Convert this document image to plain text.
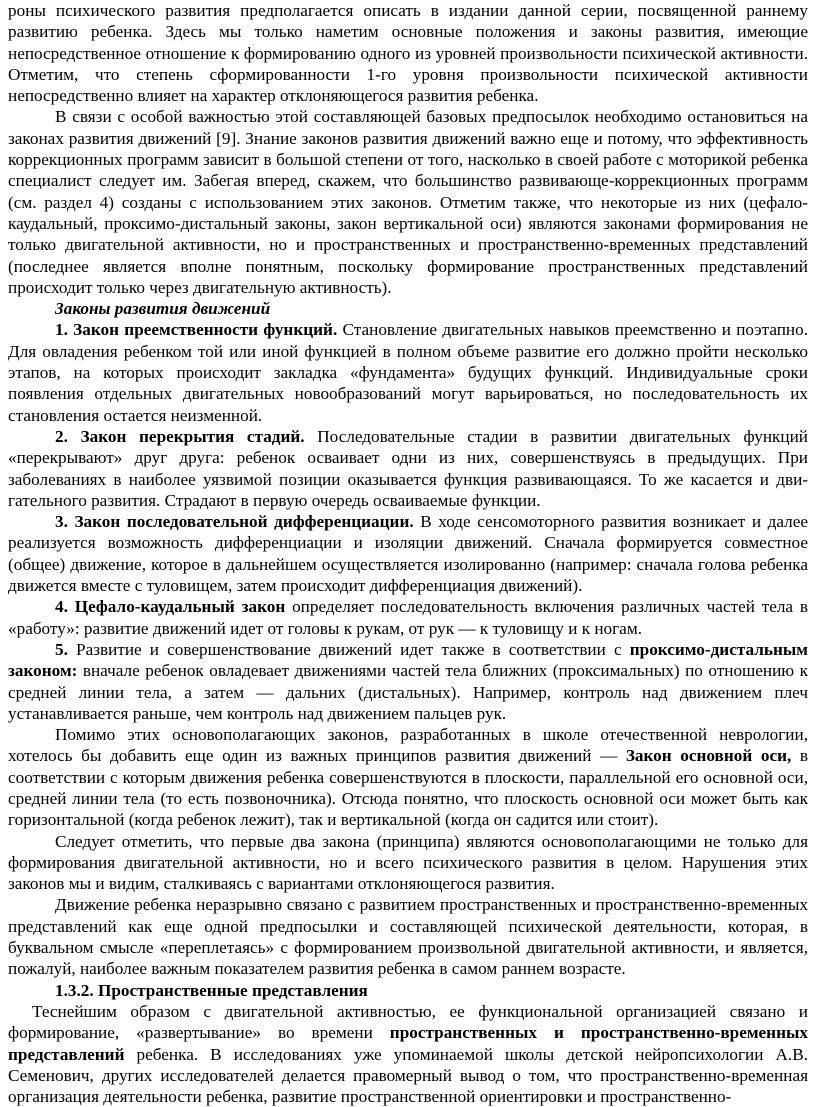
роны психического развития предполагается описать в издании данной серии, посвященной раннему развитию ребенка. Здесь мы только наметим основные положения и законы развития, имеющие непосредственное отношение к формированию одного из уровней произвольности психической активности. Отметим, что степень сформированности 1-го уровня произвольности психической активности непосредственно влияет на характер отклоняющегося развития ребенка.

В связи с особой важностью этой составляющей базовых предпосылок необходимо остановиться на законах развития движений [9]. Знание законов развития движений важно еще и потому, что эффективность коррекционных программ зависит в большой степени от того, насколько в своей работе с моторикой ребенка специалист следует им. Забегая вперед, скажем, что большинство развивающе-коррекционных программ (см. раздел 4) созданы с использованием этих законов. Отметим также, что некоторые из них (цефало-каудальный, проксимо-дистальный законы, закон вертикальной оси) являются законами формирования не только двигательной активности, но и пространственных и пространственно-временных представлений (последнее является вполне понятным, поскольку формирование пространственных представлений происходит только через двигательную активность).

Законы развития движений

1. Закон преемственности функций. Становление двигательных навыков преемственно и поэтапно. Для овладения ребенком той или иной функцией в полном объеме развитие его должно пройти несколько этапов, на которых происходит закладка «фундамента» будущих функций. Индивидуальные сроки появления отдельных двигательных новообразований могут варьироваться, но последовательность их становления остается неизменной.

2. Закон перекрытия стадий. Последовательные стадии в развитии двигательных функций «перекрывают» друг друга: ребенок осваивает одни из них, совершенствуясь в предыдущих. При заболеваниях в наиболее уязвимой позиции оказывается функция развивающаяся. То же касается и дви-гательного развития. Страдают в первую очередь осваиваемые функции.

3. Закон последовательной дифференциации. В ходе сенсомоторного развития возникает и далее реализуется возможность дифференциации и изоляции движений. Сначала формируется совместное (общее) движение, которое в дальнейшем осуществляется изолированно (например: сначала голова ребенка движется вместе с туловищем, затем происходит дифференциация движений).

4. Цефало-каудальный закон определяет последовательность включения различных частей тела в «работу»: развитие движений идет от головы к рукам, от рук — к туловищу и к ногам.

5. Развитие и совершенствование движений идет также в соответствии с проксимо-дистальным законом: вначале ребенок овладевает движениями частей тела ближних (проксимальных) по отношению к средней линии тела, а затем — дальних (дистальных). Например, контроль над движением плеч устанавливается раньше, чем контроль над движением пальцев рук.

Помимо этих основополагающих законов, разработанных в школе отечественной неврологии, хотелось бы добавить еще один из важных принципов развития движений — Закон основной оси, в соответствии с которым движения ребенка совершенствуются в плоскости, параллельной его основной оси, средней линии тела (то есть позвоночника). Отсюда понятно, что плоскость основной оси может быть как горизонтальной (когда ребенок лежит), так и вертикальной (когда он садится или стоит).

Следует отметить, что первые два закона (принципа) являются основополагающими не только для формирования двигательной активности, но и всего психического развития в целом. Нарушения этих законов мы и видим, сталкиваясь с вариантами отклоняющегося развития.

Движение ребенка неразрывно связано с развитием пространственных и пространственно-временных представлений как еще одной предпосылки и составляющей психической деятельности, которая, в буквальном смысле «переплетаясь» с формированием произвольной двигательной активности, и является, пожалуй, наиболее важным показателем развития ребенка в самом раннем возрасте.

1.3.2. Пространственные представления

Теснейшим образом с двигательной активностью, ее функциональной организацией связано и формирование, «развертывание» во времени пространственных и пространственно-временных представлений ребенка. В исследованиях уже упоминаемой школы детской нейропсихологии А.В. Семенович, других исследователей делается правомерный вывод о том, что пространственно-временная организация деятельности ребенка, развитие пространственной ориентировки и пространственно-
